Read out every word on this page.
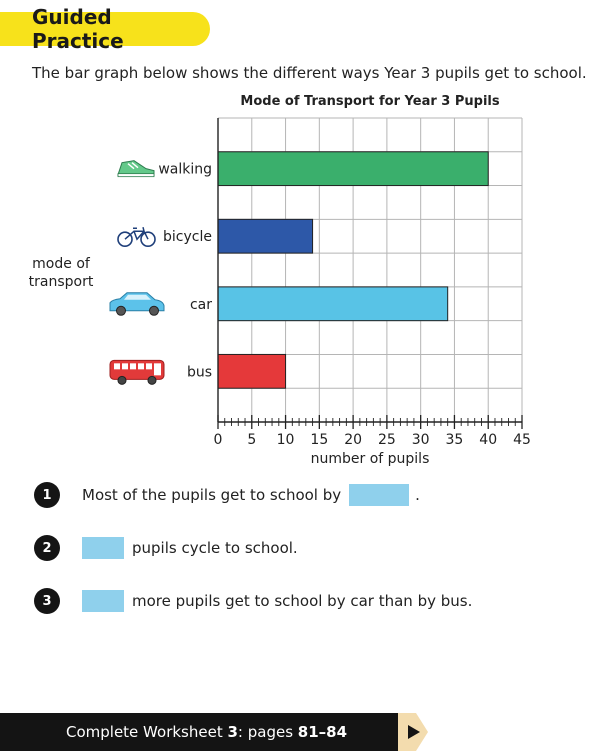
Guided Practice
The bar graph below shows the different ways Year 3 pupils get to school.
Mode of Transport for Year 3 Pupils
0 5 10 15 20 25 30 35 40 45
walking
bicycle
car
bus
mode of transport
number of pupils
1	Most of the pupils get to school by	.
2	pupils cycle to school.
3	more pupils get to school by car than by bus.
Complete Worksheet 3 : pages 81–84
